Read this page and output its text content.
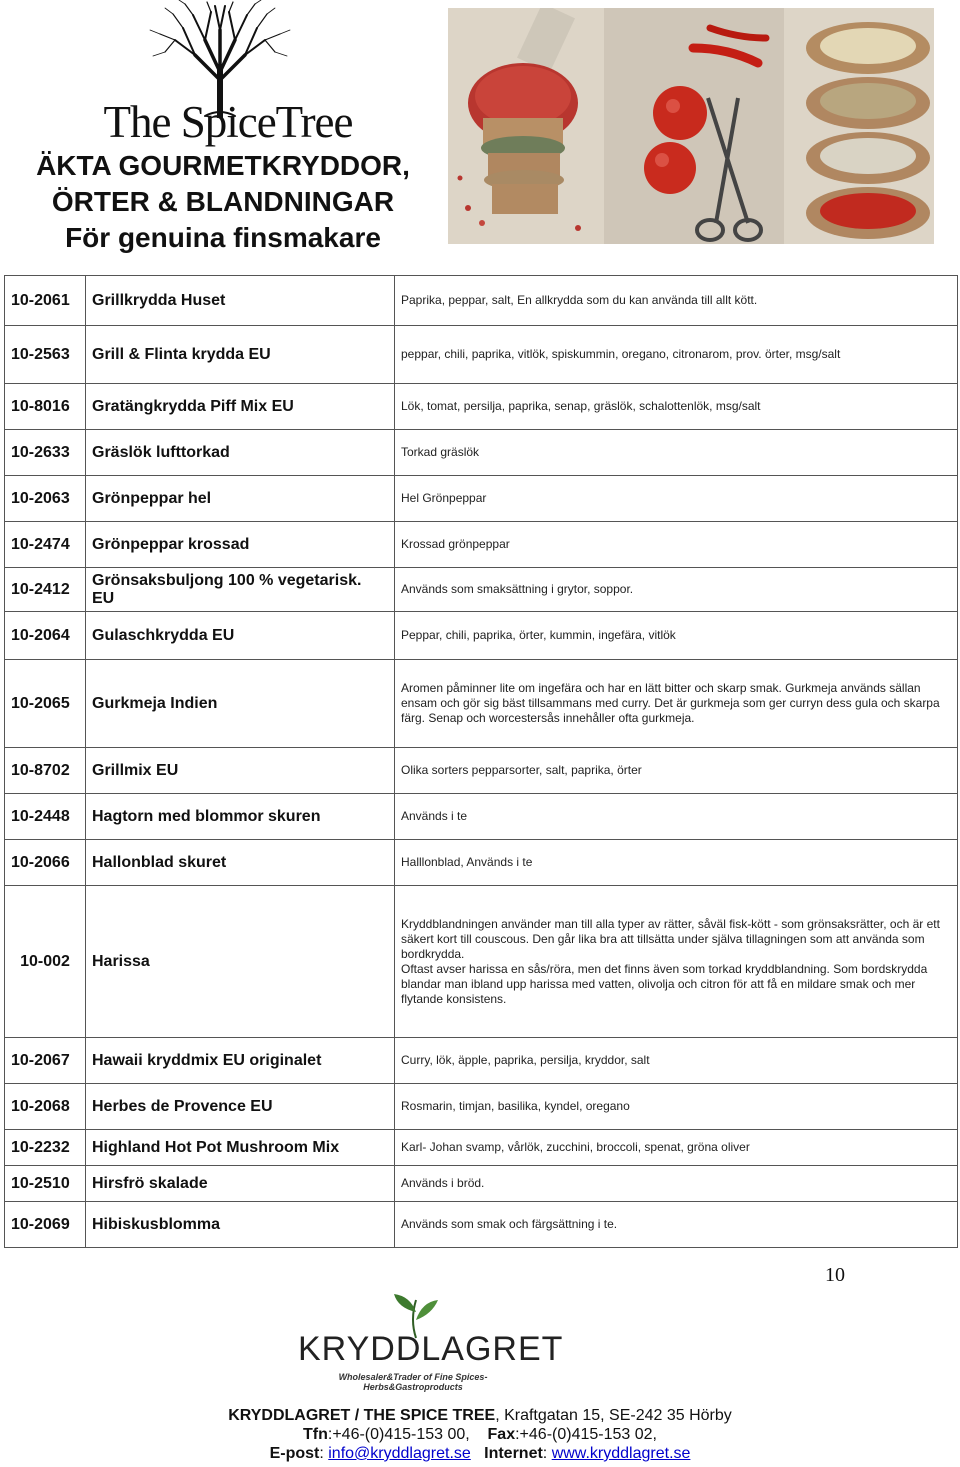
The SpiceTree
ÄKTA GOURMETKRYDDOR,
ÖRTER & BLANDNINGAR
För genuina finsmakare
10-2061	Grillkrydda Huset	Paprika, peppar, salt, En allkrydda som du kan använda till allt kött.
10-2563	Grill & Flinta krydda EU	peppar, chili, paprika, vitlök, spiskummin, oregano, citronarom, prov. örter, msg/salt
10-8016	Gratängkrydda Piff Mix EU	Lök, tomat, persilja, paprika, senap, gräslök, schalottenlök, msg/salt
10-2633	Gräslök lufttorkad	Torkad gräslök
10-2063	Grönpeppar hel	Hel Grönpeppar
10-2474	Grönpeppar krossad	Krossad grönpeppar
10-2412	Grönsaksbuljong 100 % vegetarisk. EU	Används som smaksättning i grytor, soppor.
10-2064	Gulaschkrydda EU	Peppar, chili, paprika, örter, kummin, ingefära, vitlök
10-2065	Gurkmeja Indien	Aromen påminner lite om ingefära och har en lätt bitter och skarp smak. Gurkmeja används sällan ensam och gör sig bäst tillsammans med curry. Det är gurkmeja som ger curryn dess gula och skarpa färg. Senap och worcestersås innehåller ofta gurkmeja.
10-8702	Grillmix EU	Olika sorters pepparsorter, salt, paprika, örter
10-2448	Hagtorn med blommor skuren	Används i te
10-2066	Hallonblad skuret	Halllonblad, Används i te
10-002	Harissa	Kryddblandningen använder man till alla typer av rätter, såväl fisk-kött - som grönsaksrätter, och är ett säkert kort till couscous. Den går lika bra att tillsätta under själva tillagningen som att använda som bordkrydda.
Oftast avser harissa en sås/röra, men det finns även som torkad kryddblandning. Som bordskrydda blandar man ibland upp harissa med vatten, olivolja och citron för att få en mildare smak och mer flytande konsistens.
10-2067	Hawaii kryddmix EU originalet	Curry, lök, äpple, paprika, persilja, kryddor, salt
10-2068	Herbes de Provence EU	Rosmarin, timjan, basilika, kyndel, oregano
10-2232	Highland Hot Pot Mushroom Mix	Karl- Johan svamp, vårlök, zucchini, broccoli, spenat, gröna oliver
10-2510	Hirsfrö skalade	Används i bröd.
10-2069	Hibiskusblomma	Används som smak och färgsättning i te.
10
KRYDDLAGRET
Wholesaler&Trader of Fine Spices-Herbs&Gastroproducts
KRYDDLAGRET / THE SPICE TREE, Kraftgatan 15, SE-242 35 Hörby
Tfn:+46-(0)415-153 00, Fax:+46-(0)415-153 02,
E-post: info@kryddlagret.se Internet: www.kryddlagret.se
